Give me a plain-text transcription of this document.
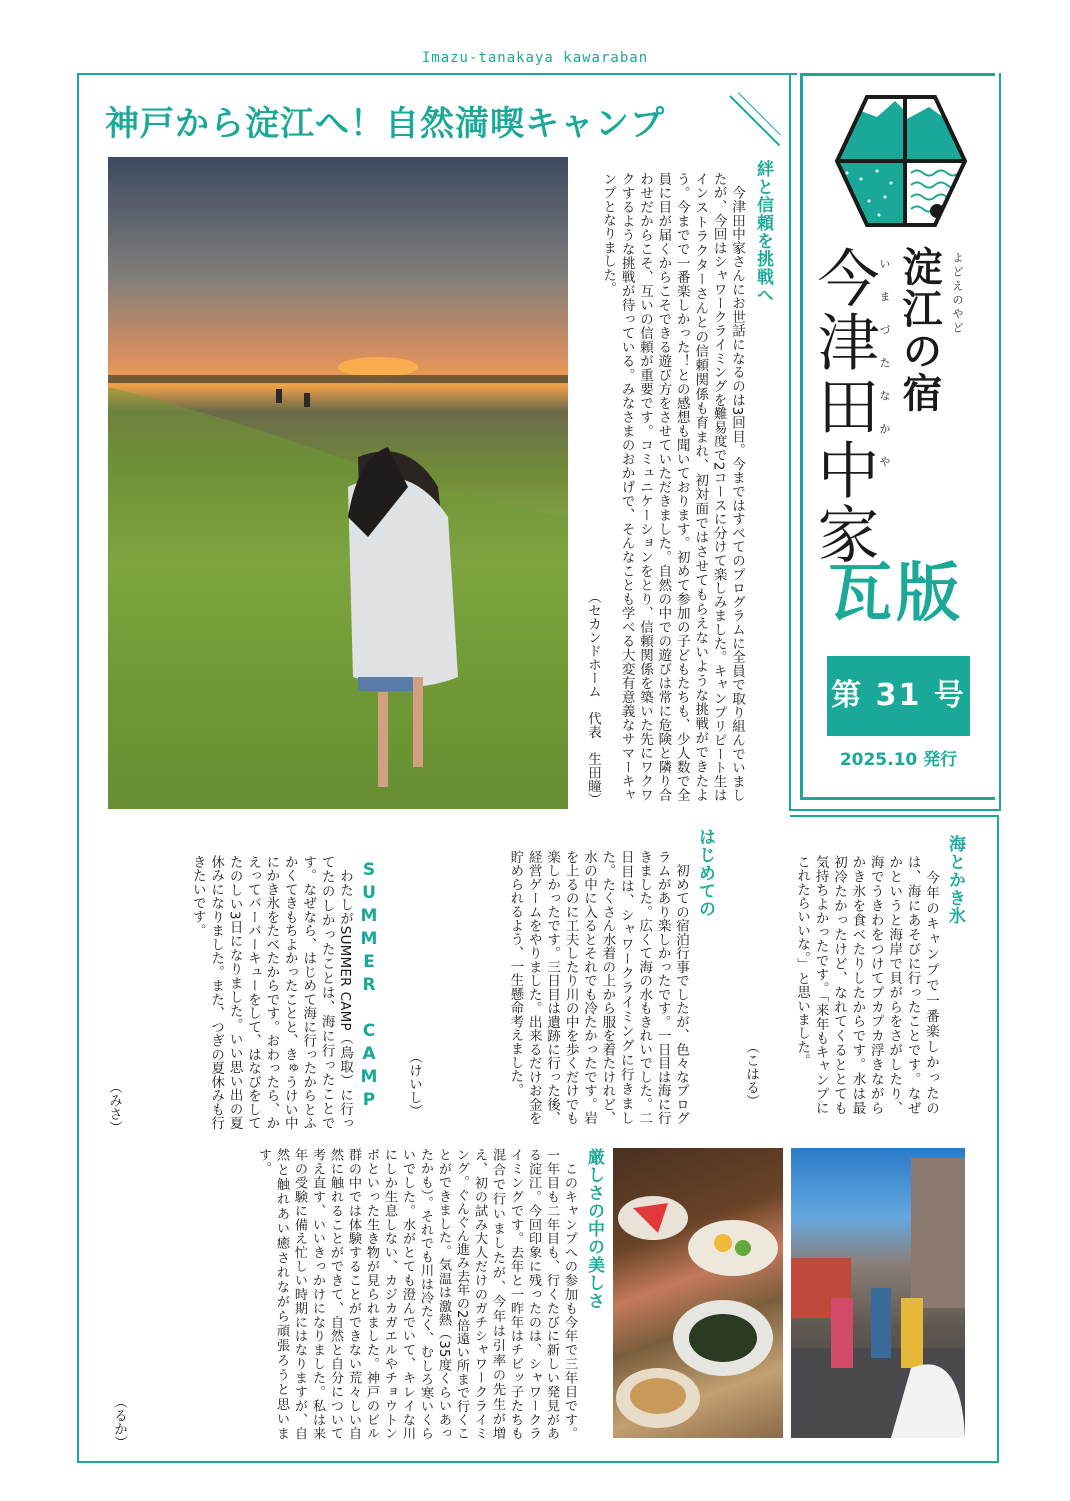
Imazu-tanakaya kawaraban
よどえのやど
淀江の宿
いまづたなかや
今津田中家
瓦版
第 31 号
2025.10 発行
神戸から淀江へ！自然満喫キャンプ
絆と信頼を挑戦へ
　今津田中家さんにお世話になるのは3回目。今まではすべてのプログラムに全員で取り組んでいましたが、今回はシャワークライミングを難易度で2コースに分けて楽しみました。キャンプリピート生はインストラクターさんとの信頼関係も育まれ、初対面ではさせてもらえないような挑戦ができたよう。今までで一番楽しかった！との感想も聞いております。初めて参加の子どもたちも、少人数で全員に目が届くからこそできる遊び方をさせていただきました。自然の中での遊びは常に危険と隣り合わせだからこそ、互いの信頼が重要です。コミュニケーションをとり、信頼関係を築いた先にワクワクするような挑戦が待っている。みなさまのおかげで、そんなことも学べる大変有意義なサマーキャンプとなりました。
（セカンドホーム　代表　生田瞳）
海とかき氷
　今年のキャンプで一番楽しかったのは、海にあそびに行ったことです。なぜかというと海岸で貝がらをさがしたり、海でうきわをつけてプカプカ浮きながらかき氷を食べたりしたからです。水は最初冷たかったけど、なれてくるととても気持ちよかったです。「来年もキャンプにこれたらいいな。」と思いました。
（こはる）
はじめての
　初めての宿泊行事でしたが、色々なプログラムがあり楽しかったです。一日目は海に行きました。広くて海の水もきれいでした。二日目は、シャワークライミングに行きました。たくさん水着の上から服を着たけれど、水の中に入るとそれでも冷たかったです。岩を上るのに工夫したり川の中を歩くだけでも楽しかったです。三日目は遺跡に行った後、経営ゲームをやりました。出来るだけお金を貯められるよう、一生懸命考えました。
（けいし）
SUMMER CAMP
　わたしがSUMMER CAMP（鳥取）に行ってたのしかったことは、海に行ったことです。なぜなら、はじめて海に行ったからとふかくてきもちよかったことと、きゅうけい中にかき氷をたべたからです。おわったら、かえってバーバーキューをして、はなびをしてたのしい3日になりました。いい思い出の夏休みになりました。また、つぎの夏休みも行きたいです。
（みさ）
厳しさの中の美しさ
　このキャンプへの参加も今年で三年目です。一年目も二年目も、行くたびに新しい発見がある淀江。今回印象に残ったのは、シャワークライミングです。去年と一昨年はチビッ子たちも混合で行いましたが、今年は引率の先生が増え、初の試み大人だけのガチシャワークライミング。ぐんぐん進み去年の2倍遠い所まで行くことができました。気温は激熱（35度くらいあったかも）。それでも川は冷たく、むしろ寒いくらいでした。水がとても澄んでいて、キレイな川にしか生息しない、カジカガエルやチョウトンボといった生き物が見られました。神戸のビル群の中では体験することができない荒々しい自然に触れることができて、自然と自分について考え直す、いいきっかけになりました。私は来年の受験に備え忙しい時期にはなりますが、自然と触れあい癒されながら頑張ろうと思います。
（るか）
